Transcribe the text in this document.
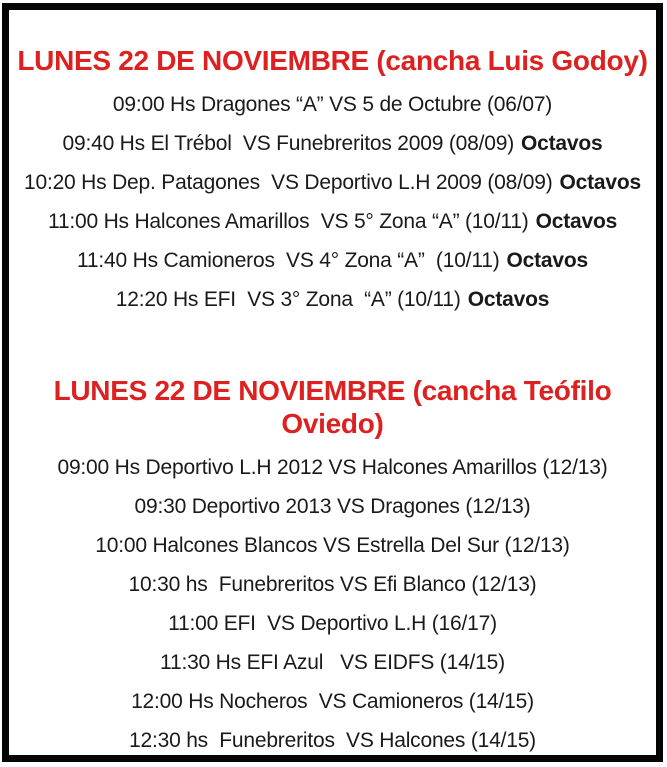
LUNES 22 DE NOVIEMBRE (cancha Luis Godoy)
09:00 Hs Dragones “A” VS 5 de Octubre (06/07)
09:40 Hs El Trébol  VS Funebreritos 2009 (08/09) Octavos
10:20 Hs Dep. Patagones  VS Deportivo L.H 2009 (08/09) Octavos
11:00 Hs Halcones Amarillos  VS 5° Zona “A” (10/11) Octavos
11:40 Hs Camioneros  VS 4° Zona “A”  (10/11) Octavos
12:20 Hs EFI  VS 3° Zona  “A” (10/11) Octavos
LUNES 22 DE NOVIEMBRE (cancha Teófilo Oviedo)
09:00 Hs Deportivo L.H 2012 VS Halcones Amarillos (12/13)
09:30 Deportivo 2013 VS Dragones (12/13)
10:00 Halcones Blancos VS Estrella Del Sur (12/13)
10:30 hs  Funebreritos VS Efi Blanco (12/13)
11:00 EFI  VS Deportivo L.H (16/17)
11:30 Hs EFI Azul   VS EIDFS (14/15)
12:00 Hs Nocheros  VS Camioneros (14/15)
12:30 hs  Funebreritos  VS Halcones (14/15)
